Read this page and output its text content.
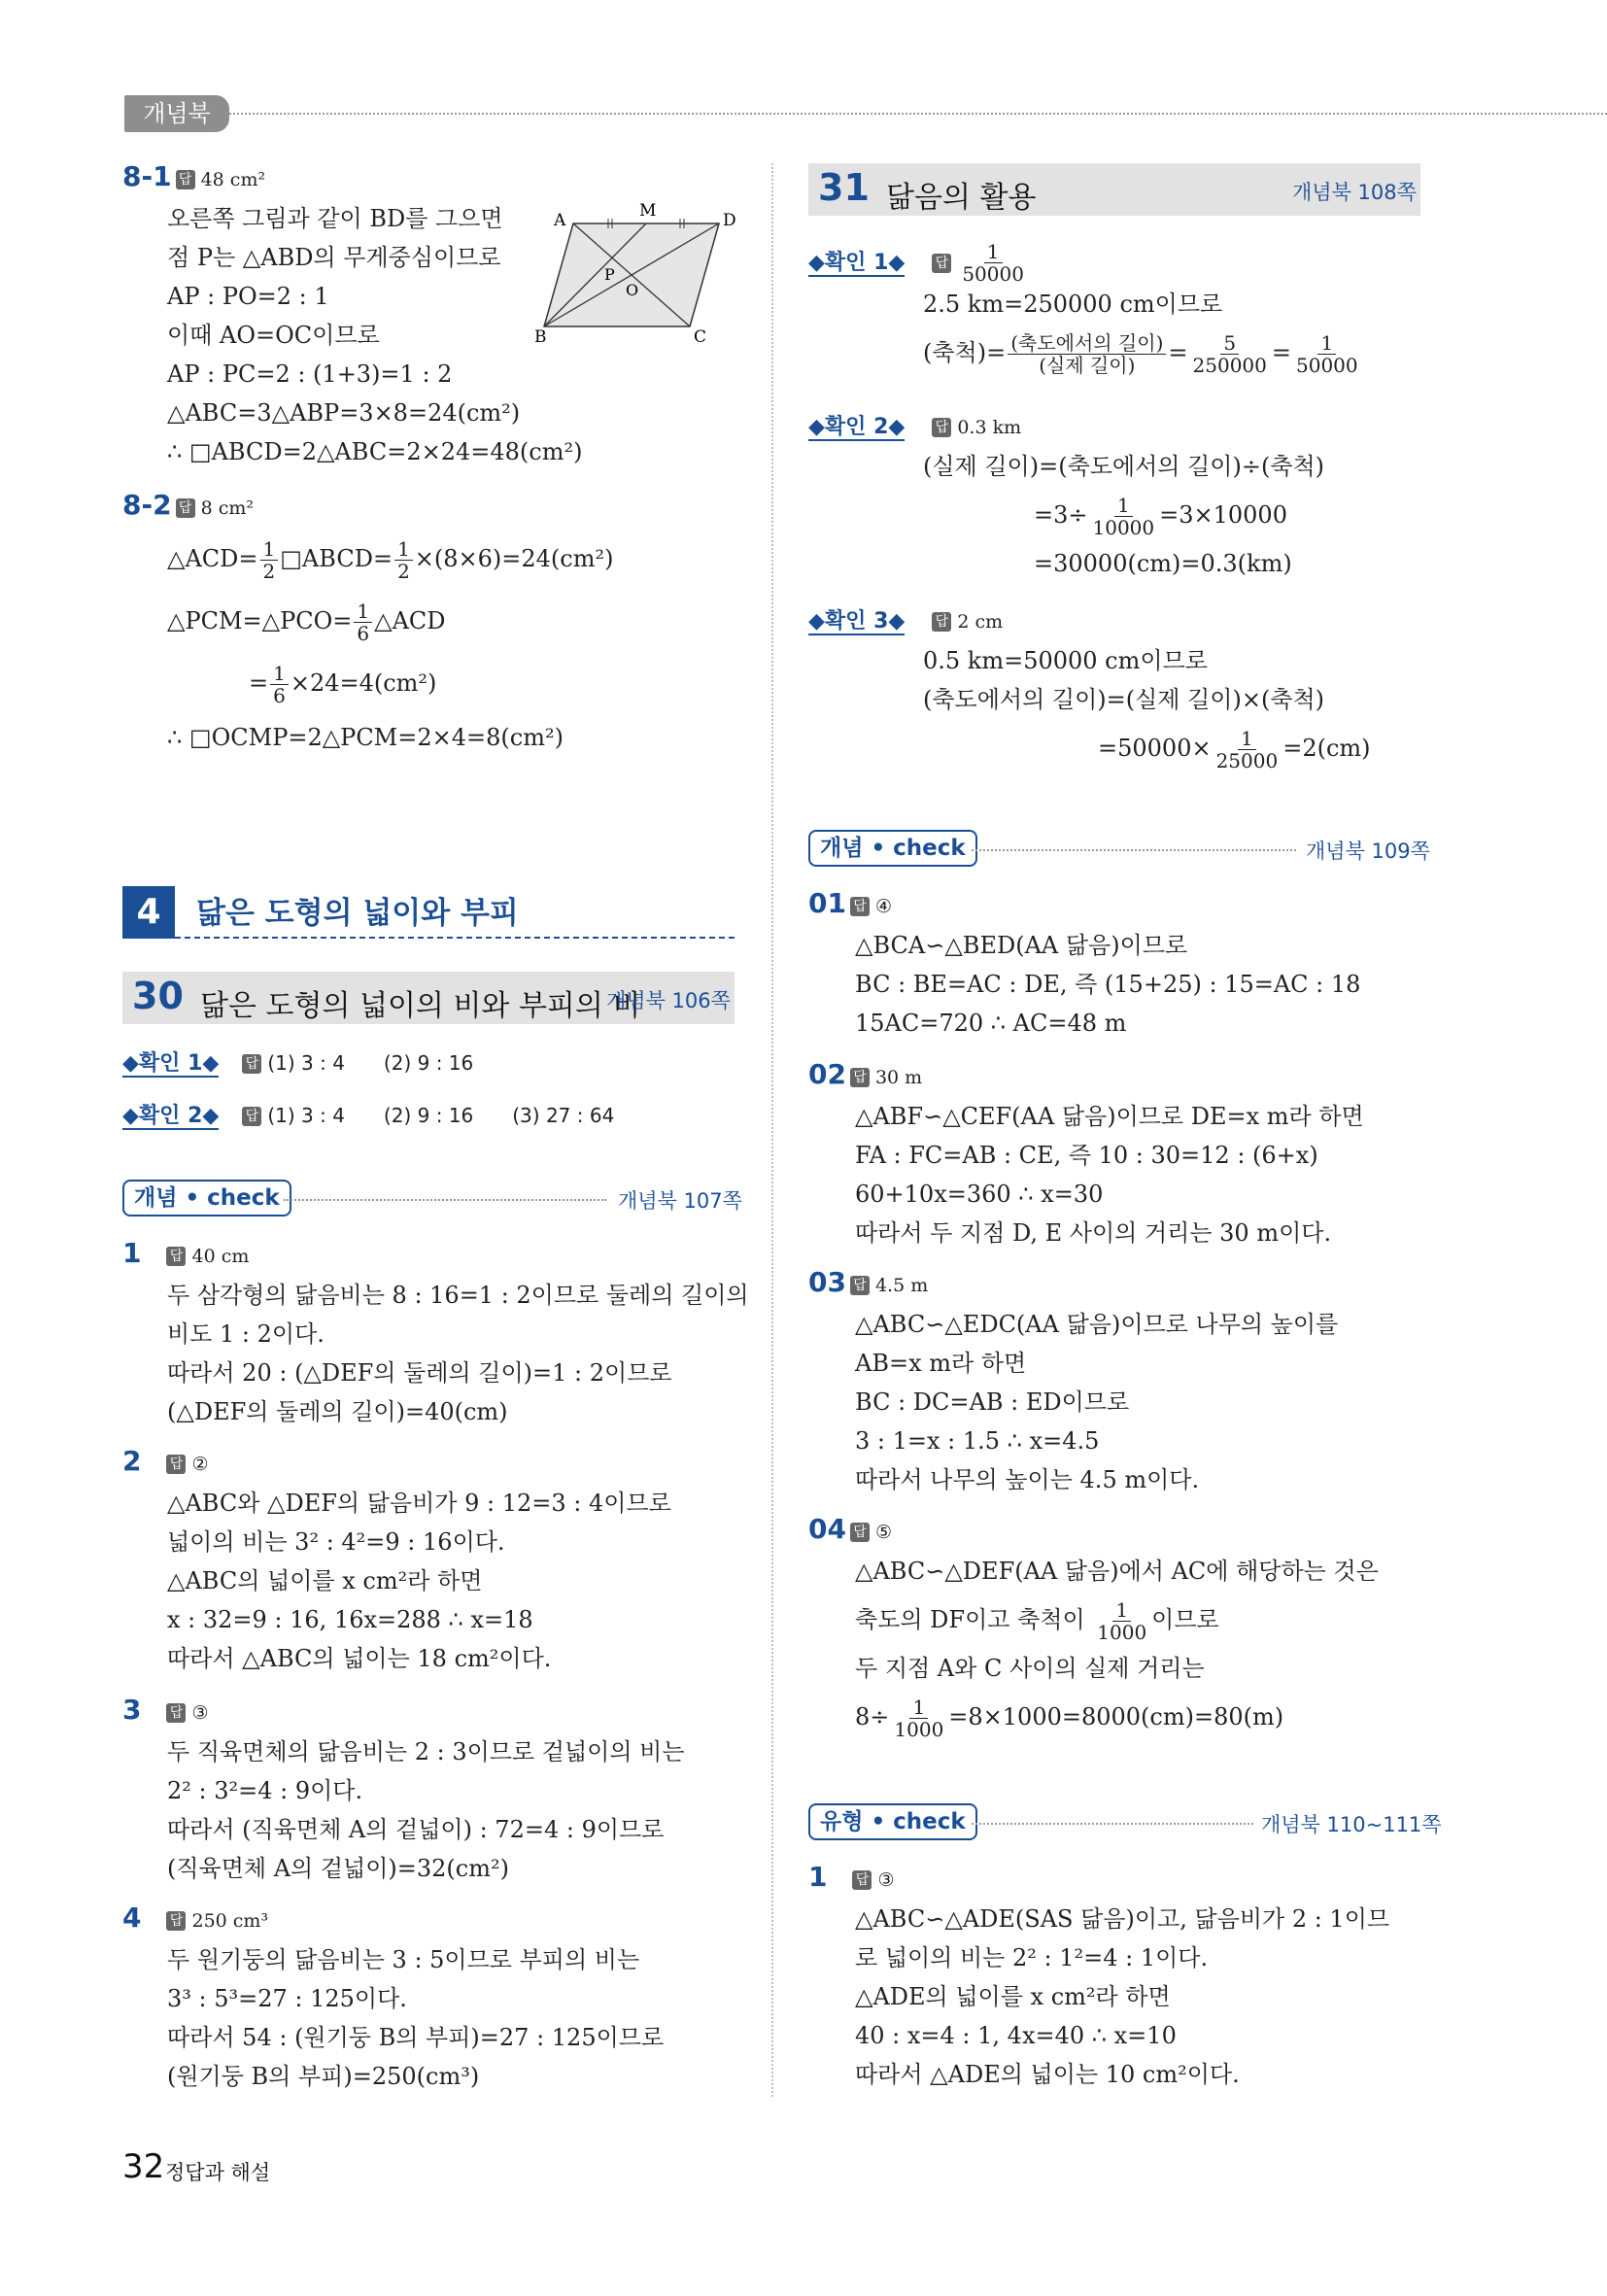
개념북

8-1 답 48 cm²

오른쪽 그림과 같이 BD를 그으면

점 P는 △ABD의 무게중심이므로

AP : PO=2 : 1

이때 AO=OC이므로

AP : PC=2 : (1+3)=1 : 2

△ABC=3△ABP=3×8=24(cm²)

∴ □ABCD=2△ABC=2×24=48(cm²)

A	M	D
P
O
B	C

8-2 답 8 cm²

△ACD= $\frac{1}{2}$ □ABCD= $\frac{1}{2} \times(8\times 6)=24(cm^2)$

△PCM=△PCO= $\frac{1}{6}$ △ACD

= $\frac{1}{6} \times 24=4(cm^2)$

∴ □OCMP=2△PCM=2×4=8(cm²)

4	닮은 도형의 넓이와 부피
30 닮은 도형의 넓이의 비와 부피의 비
개념북 106쪽

◆확인 1◆ 답 (1) 3 : 4 (2) 9 : 16

◆확인 2◆ 답 (1) 3 : 4 (2) 9 : 16 (3) 27 : 64

개념 • check	개념북 107쪽

1 답 40 cm

두 삼각형의 닮음비는 8 : 16=1 : 2이므로 둘레의 길이의

비도 1 : 2이다.

따라서 20 : (△DEF의 둘레의 길이)=1 : 2이므로

(△DEF의 둘레의 길이)=40(cm)

2 답 ②

△ABC와 △DEF의 닮음비가 9 : 12=3 : 4이므로

넓이의 비는 3² : 4²=9 : 16이다.

△ABC의 넓이를 x cm²라 하면

x : 32=9 : 16, 16x=288 ∴ x=18

따라서 △ABC의 넓이는 18 cm²이다.

3 답 ③

두 직육면체의 닮음비는 2 : 3이므로 겉넓이의 비는

2² : 3²=4 : 9이다.

따라서 (직육면체 A의 겉넓이) : 72=4 : 9이므로

(직육면체 A의 겉넓이)=32(cm²)

4 답 250 cm³

두 원기둥의 닮음비는 3 : 5이므로 부피의 비는

3³ : 5³=27 : 125이다.

따라서 54 : (원기둥 B의 부피)=27 : 125이므로

(원기둥 B의 부피)=250(cm³)

31 닮음의 활용	개념북 108쪽

◆확인 1◆ 답 $\frac{1}{50000}$

2.5 km=250000 cm이므로

(축척)= $\frac{\text{(축도에서의 길이)}}{\text{(실제 길이)}} = \frac{5}{250000} = \frac{1}{50000}$

◆확인 2◆ 답 0.3 km

(실제 길이)=(축도에서의 길이)÷(축척)

$=3\div \frac{1}{10000} =3\times 10000$

=30000(cm)=0.3(km)

◆확인 3◆ 답 2 cm

0.5 km=50000 cm이므로

(축도에서의 길이)=(실제 길이)×(축척)

$=50000\times \frac{1}{25000} =2(cm)$

개념 • check	개념북 109쪽

01 답 ④

△BCA∽△BED(AA 닮음)이므로

BC : BE=AC : DE, 즉 (15+25) : 15=AC : 18

15AC=720 ∴ AC=48 m

02 답 30 m

△ABF∽△CEF(AA 닮음)이므로 DE=x m라 하면

FA : FC=AB : CE, 즉 10 : 30=12 : (6+x)

60+10x=360 ∴ x=30

따라서 두 지점 D, E 사이의 거리는 30 m이다.

03 답 4.5 m

△ABC∽△EDC(AA 닮음)이므로 나무의 높이를

AB=x m라 하면

BC : DC=AB : ED이므로

3 : 1=x : 1.5 ∴ x=4.5

따라서 나무의 높이는 4.5 m이다.

04 답 ⑤

△ABC∽△DEF(AA 닮음)에서 AC에 해당하는 것은

축도의 DF이고 축척이 $\frac{1}{1000}$ 이므로

두 지점 A와 C 사이의 실제 거리는

$8\div \frac{1}{1000} =8\times 1000=8000(cm)=80(m)$

유형 • check	개념북 110~111쪽

1 답 ③

△ABC∽△ADE(SAS 닮음)이고, 닮음비가 2 : 1이므

로 넓이의 비는 2² : 1²=4 : 1이다.

△ADE의 넓이를 x cm²라 하면

40 : x=4 : 1, 4x=40 ∴ x=10

따라서 △ADE의 넓이는 10 cm²이다.

32 정답과 해설
